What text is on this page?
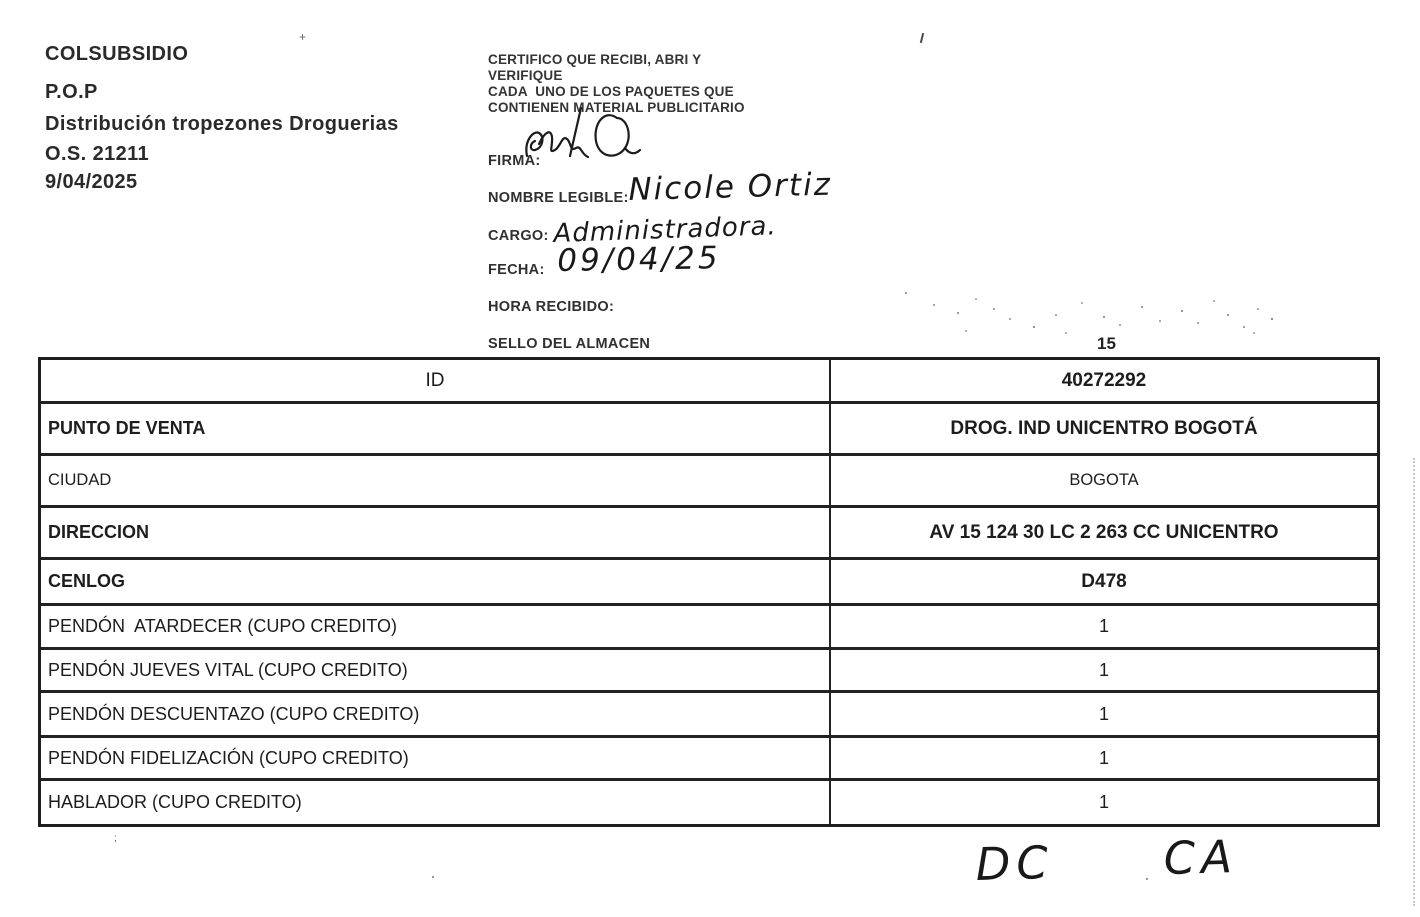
COLSUBSIDIO
P.O.P
Distribución tropezones Droguerias
O.S. 21211
9/04/2025
CERTIFICO QUE RECIBI, ABRI Y
VERIFIQUE
CADA  UNO DE LOS PAQUETES QUE
CONTIENEN MATERIAL PUBLICITARIO
FIRMA:
NOMBRE LEGIBLE: Nicole Ortiz
CARGO: Administradora.
FECHA: 09/04/25
HORA RECIBIDO:
SELLO DEL ALMACEN	15
ID	40272292
PUNTO DE VENTA	DROG. IND UNICENTRO BOGOTÁ
CIUDAD	BOGOTA
DIRECCION	AV 15 124 30 LC 2 263 CC UNICENTRO
CENLOG	D478
PENDÓN  ATARDECER (CUPO CREDITO)	1
PENDÓN JUEVES VITAL (CUPO CREDITO)	1
PENDÓN DESCUENTAZO (CUPO CREDITO)	1
PENDÓN FIDELIZACIÓN (CUPO CREDITO)	1
HABLADOR (CUPO CREDITO)	1
DC CA
+
;
